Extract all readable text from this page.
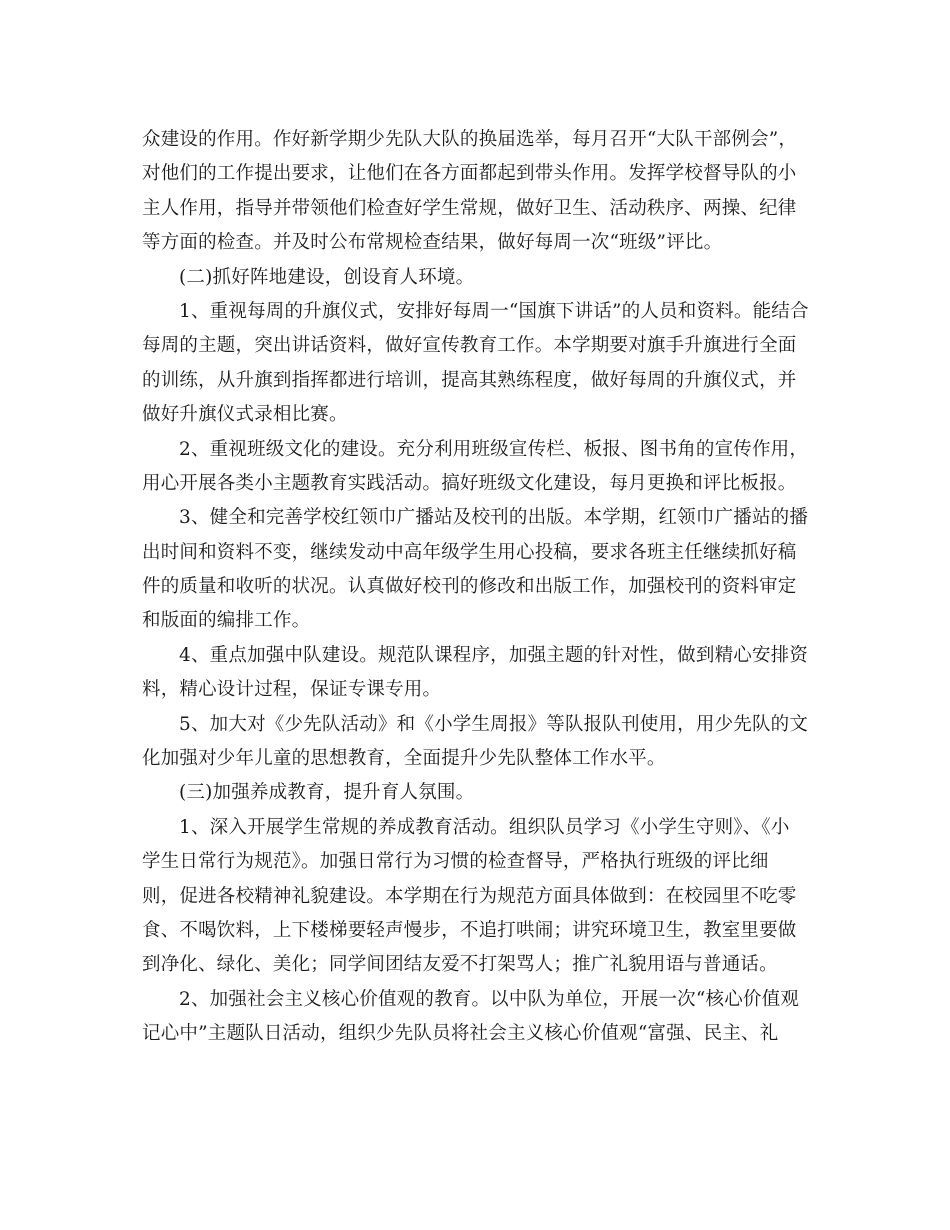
众建设的作用。作好新学期少先队大队的换届选举，每月召开“大队干部例会”，
对他们的工作提出要求，让他们在各方面都起到带头作用。发挥学校督导队的小
主人作用，指导并带领他们检查好学生常规，做好卫生、活动秩序、两操、纪律
等方面的检查。并及时公布常规检查结果，做好每周一次“班级”评比。
(二)抓好阵地建设，创设育人环境。
1、重视每周的升旗仪式，安排好每周一“国旗下讲话”的人员和资料。能结合
每周的主题，突出讲话资料，做好宣传教育工作。本学期要对旗手升旗进行全面
的训练，从升旗到指挥都进行培训，提高其熟练程度，做好每周的升旗仪式，并
做好升旗仪式录相比赛。
2、重视班级文化的建设。充分利用班级宣传栏、板报、图书角的宣传作用，
用心开展各类小主题教育实践活动。搞好班级文化建设，每月更换和评比板报。
3、健全和完善学校红领巾广播站及校刊的出版。本学期，红领巾广播站的播
出时间和资料不变，继续发动中高年级学生用心投稿，要求各班主任继续抓好稿
件的质量和收听的状况。认真做好校刊的修改和出版工作，加强校刊的资料审定
和版面的编排工作。
4、重点加强中队建设。规范队课程序，加强主题的针对性，做到精心安排资
料，精心设计过程，保证专课专用。
5、加大对《少先队活动》和《小学生周报》等队报队刊使用，用少先队的文
化加强对少年儿童的思想教育，全面提升少先队整体工作水平。
(三)加强养成教育，提升育人氛围。
1、深入开展学生常规的养成教育活动。组织队员学习《小学生守则》、《小
学生日常行为规范》。加强日常行为习惯的检查督导，严格执行班级的评比细
则，促进各校精神礼貌建设。本学期在行为规范方面具体做到：在校园里不吃零
食、不喝饮料，上下楼梯要轻声慢步，不追打哄闹；讲究环境卫生，教室里要做
到净化、绿化、美化；同学间团结友爱不打架骂人；推广礼貌用语与普通话。
2、加强社会主义核心价值观的教育。以中队为单位，开展一次“核心价值观
记心中”主题队日活动，组织少先队员将社会主义核心价值观“富强、民主、礼
